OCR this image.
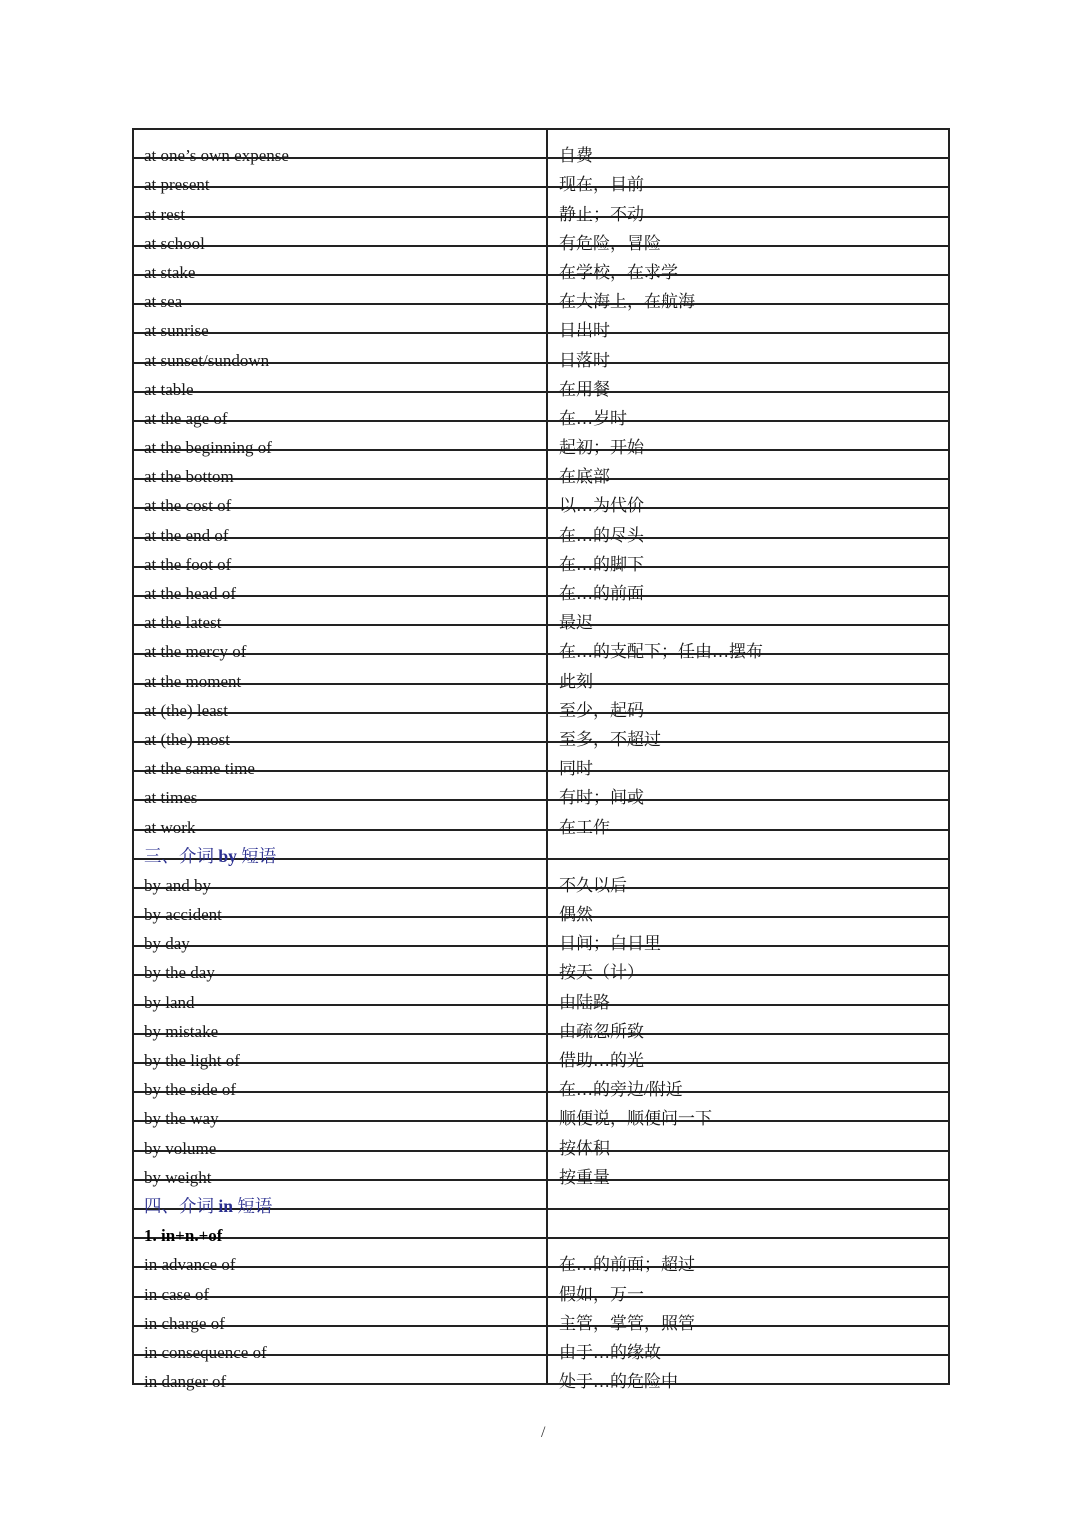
at one’s own expense	自费
at present	现在，目前
at rest	静止；不动
at school	有危险，冒险
at stake	在学校，在求学
at sea	在大海上，在航海
at sunrise	日出时
at sunset/sundown	日落时
at table	在用餐
at the age of	在…岁时
at the beginning of	起初；开始
at the bottom	在底部
at the cost of	以…为代价
at the end of	在…的尽头
at the foot of	在…的脚下
at the head of	在…的前面
at the latest	最迟
at the mercy of	在…的支配下；任由…摆布
at the moment	此刻
at (the) least	至少，起码
at (the) most	至多，不超过
at the same time	同时
at times	有时；间或
at work	在工作
三、介词 by 短语	
by and by	不久以后
by accident	偶然
by day	日间；白日里
by the day	按天（计）
by land	由陆路
by mistake	由疏忽所致
by the light of	借助…的光
by the side of	在…的旁边/附近
by the way	顺便说，顺便问一下
by volume	按体积
by weight	按重量
四、介词 in 短语	
1. in+n.+of	
in advance of	在…的前面；超过
in case of	假如，万一
in charge of	主管，掌管，照管
in consequence of	由于…的缘故
in danger of	处于…的危险中
/
